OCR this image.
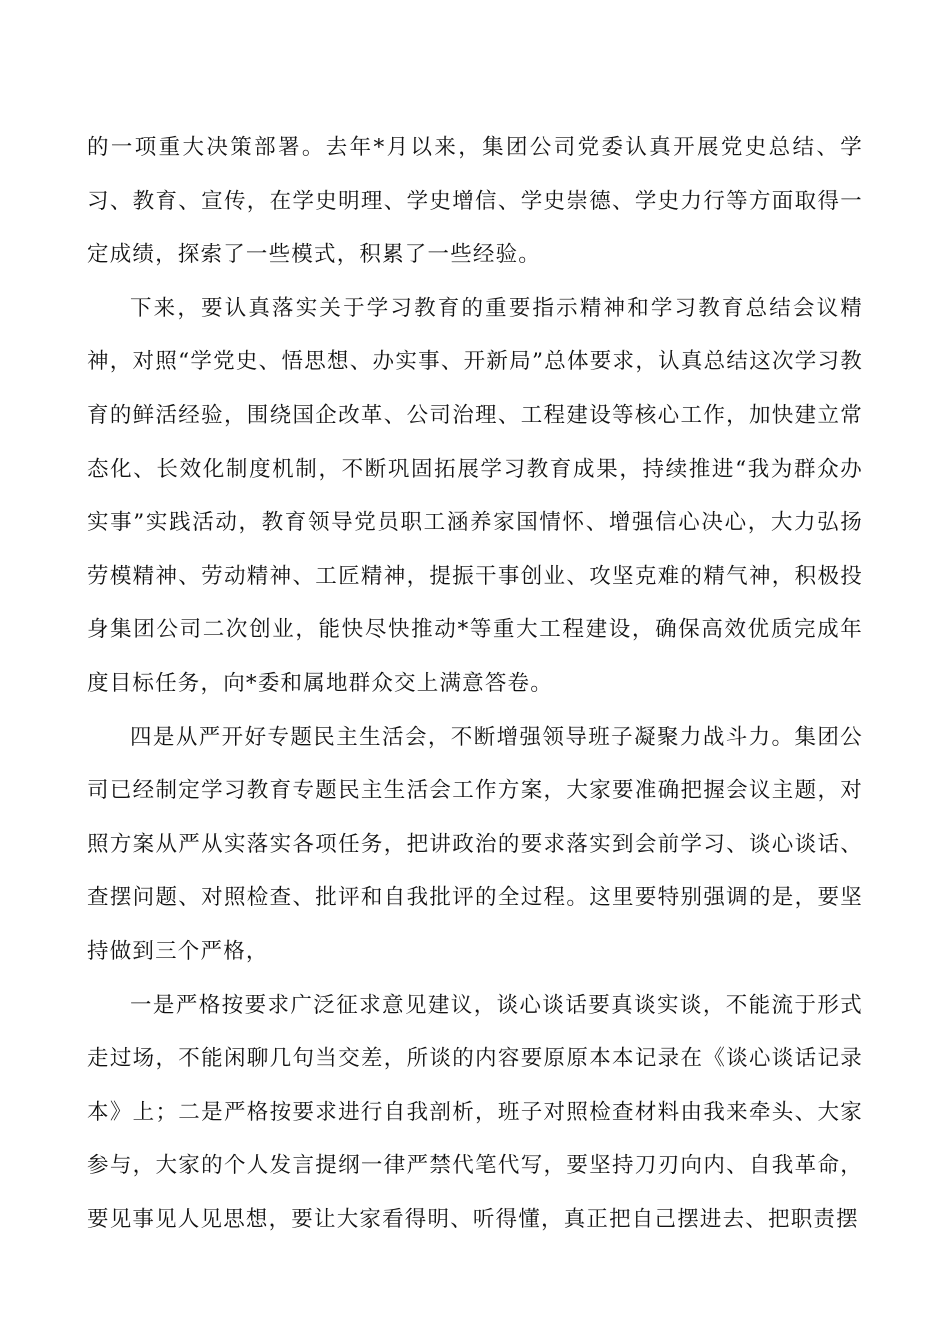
的一项重大决策部署。去年*月以来，集团公司党委认真开展党史总结、学习、教育、宣传，在学史明理、学史增信、学史崇德、学史力行等方面取得一定成绩，探索了一些模式，积累了一些经验。

下来，要认真落实关于学习教育的重要指示精神和学习教育总结会议精神，对照“学党史、悟思想、办实事、开新局”总体要求，认真总结这次学习教育的鲜活经验，围绕国企改革、公司治理、工程建设等核心工作，加快建立常态化、长效化制度机制，不断巩固拓展学习教育成果，持续推进“我为群众办实事”实践活动，教育领导党员职工涵养家国情怀、增强信心决心，大力弘扬劳模精神、劳动精神、工匠精神，提振干事创业、攻坚克难的精气神，积极投身集团公司二次创业，能快尽快推动*等重大工程建设，确保高效优质完成年度目标任务，向*委和属地群众交上满意答卷。

四是从严开好专题民主生活会，不断增强领导班子凝聚力战斗力。集团公司已经制定学习教育专题民主生活会工作方案，大家要准确把握会议主题，对照方案从严从实落实各项任务，把讲政治的要求落实到会前学习、谈心谈话、查摆问题、对照检查、批评和自我批评的全过程。这里要特别强调的是，要坚持做到三个严格，

一是严格按要求广泛征求意见建议，谈心谈话要真谈实谈，不能流于形式走过场，不能闲聊几句当交差，所谈的内容要原原本本记录在《谈心谈话记录本》上；二是严格按要求进行自我剖析，班子对照检查材料由我来牵头、大家参与，大家的个人发言提纲一律严禁代笔代写，要坚持刀刃向内、自我革命，要见事见人见思想，要让大家看得明、听得懂，真正把自己摆进去、把职责摆
